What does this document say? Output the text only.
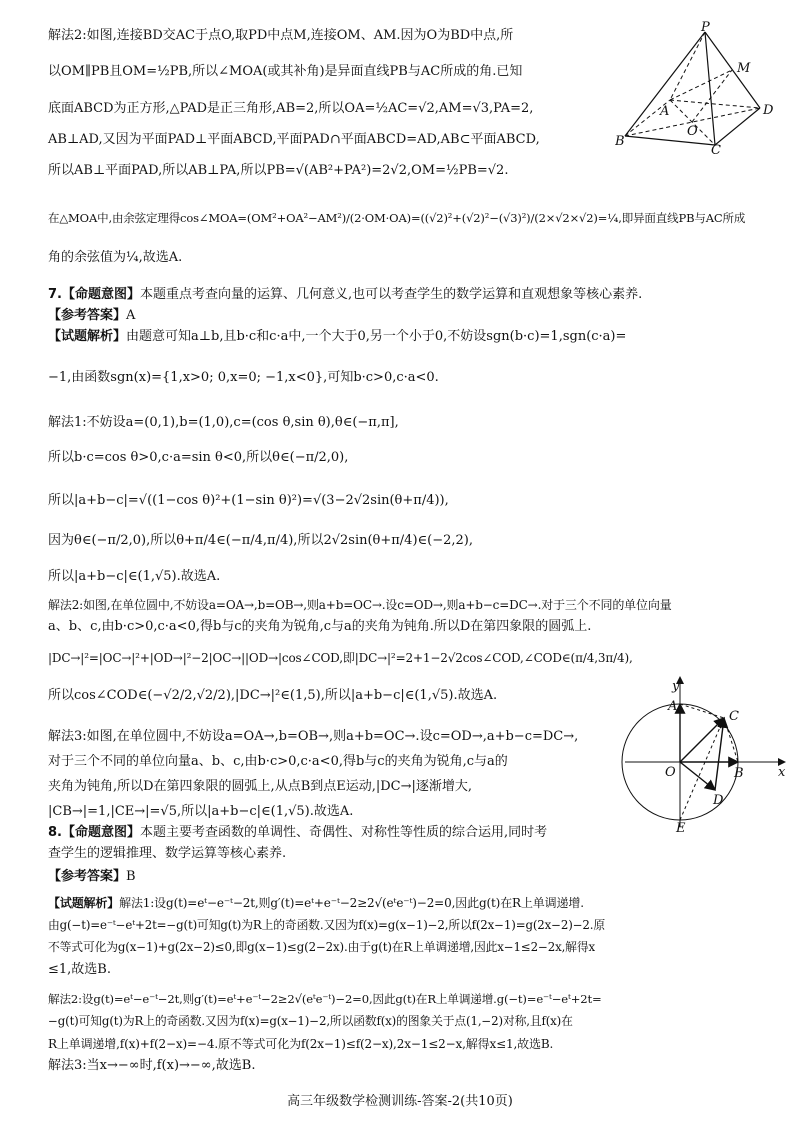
解法2:如图,连接BD交AC于点O,取PD中点M,连接OM、AM.因为O为BD中点,所
以OM∥PB且OM=½PB,所以∠MOA(或其补角)是异面直线PB与AC所成的角.已知
底面ABCD为正方形,△PAD是正三角形,AB=2,所以OA=½AC=√2,AM=√3,PA=2,
AB⊥AD,又因为平面PAD⊥平面ABCD,平面PAD∩平面ABCD=AD,AB⊂平面ABCD,
所以AB⊥平面PAD,所以AB⊥PA,所以PB=√(AB²+PA²)=2√2,OM=½PB=√2.
在△MOA中,由余弦定理得cos∠MOA=(OM²+OA²−AM²)/(2·OM·OA)=((√2)²+(√2)²−(√3)²)/(2×√2×√2)=¼,即异面直线PB与AC所成
角的余弦值为¼,故选A.
P
M
A
O
D
B
C
7.【命题意图】本题重点考查向量的运算、几何意义,也可以考查学生的数学运算和直观想象等核心素养.
【参考答案】A
【试题解析】由题意可知a⊥b,且b·c和c·a中,一个大于0,另一个小于0,不妨设sgn(b·c)=1,sgn(c·a)=
−1,由函数sgn(x)={1,x>0; 0,x=0; −1,x<0},可知b·c>0,c·a<0.
解法1:不妨设a=(0,1),b=(1,0),c=(cos θ,sin θ),θ∈(−π,π],
所以b·c=cos θ>0,c·a=sin θ<0,所以θ∈(−π/2,0),
所以|a+b−c|=√((1−cos θ)²+(1−sin θ)²)=√(3−2√2sin(θ+π/4)),
因为θ∈(−π/2,0),所以θ+π/4∈(−π/4,π/4),所以2√2sin(θ+π/4)∈(−2,2),
所以|a+b−c|∈(1,√5).故选A.
解法2:如图,在单位圆中,不妨设a=OA→,b=OB→,则a+b=OC→.设c=OD→,则a+b−c=DC→.对于三个不同的单位向量
a、b、c,由b·c>0,c·a<0,得b与c的夹角为锐角,c与a的夹角为钝角.所以D在第四象限的圆弧上.
|DC→|²=|OC→|²+|OD→|²−2|OC→||OD→|cos∠COD,即|DC→|²=2+1−2√2cos∠COD,∠COD∈(π/4,3π/4),
所以cos∠COD∈(−√2/2,√2/2),|DC→|²∈(1,5),所以|a+b−c|∈(1,√5).故选A.
解法3:如图,在单位圆中,不妨设a=OA→,b=OB→,则a+b=OC→.设c=OD→,a+b−c=DC→,
对于三个不同的单位向量a、b、c,由b·c>0,c·a<0,得b与c的夹角为锐角,c与a的
夹角为钝角,所以D在第四象限的圆弧上,从点B到点E运动,|DC→|逐渐增大,
|CB→|=1,|CE→|=√5,所以|a+b−c|∈(1,√5).故选A.
y
x
A
C
O	B
D
E
8.【命题意图】本题主要考查函数的单调性、奇偶性、对称性等性质的综合运用,同时考
查学生的逻辑推理、数学运算等核心素养.
【参考答案】B
【试题解析】解法1:设g(t)=eᵗ−e⁻ᵗ−2t,则g′(t)=eᵗ+e⁻ᵗ−2≥2√(eᵗe⁻ᵗ)−2=0,因此g(t)在R上单调递增.
由g(−t)=e⁻ᵗ−eᵗ+2t=−g(t)可知g(t)为R上的奇函数.又因为f(x)=g(x−1)−2,所以f(2x−1)=g(2x−2)−2.原
不等式可化为g(x−1)+g(2x−2)≤0,即g(x−1)≤g(2−2x).由于g(t)在R上单调递增,因此x−1≤2−2x,解得x
≤1,故选B.
解法2:设g(t)=eᵗ−e⁻ᵗ−2t,则g′(t)=eᵗ+e⁻ᵗ−2≥2√(eᵗe⁻ᵗ)−2=0,因此g(t)在R上单调递增.g(−t)=e⁻ᵗ−eᵗ+2t=
−g(t)可知g(t)为R上的奇函数.又因为f(x)=g(x−1)−2,所以函数f(x)的图象关于点(1,−2)对称,且f(x)在
R上单调递增,f(x)+f(2−x)=−4.原不等式可化为f(2x−1)≤f(2−x),2x−1≤2−x,解得x≤1,故选B.
解法3:当x→−∞时,f(x)→−∞,故选B.
高三年级数学检测训练-答案-2(共10页)
